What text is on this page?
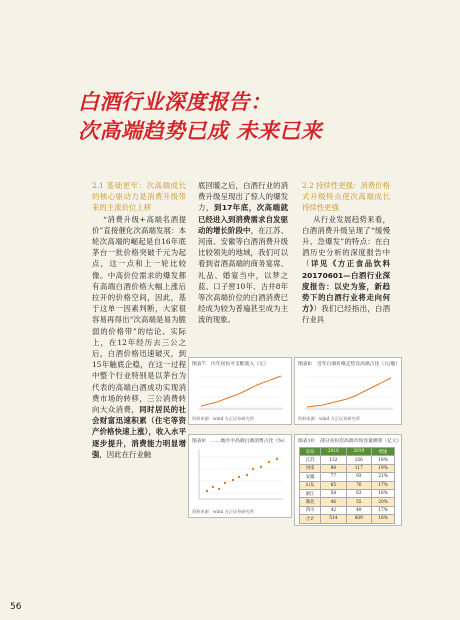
白酒行业深度报告：
次高端趋势已成 未来已来

2.1 基础更牢：次高端成长的核心驱动力是消费升级带来的主流价位上移

“消费升级+高端名酒提价”直接催化次高端发展：本轮次高端的崛起是自16年底茅台一批价格突破千元为起点，这一点和上一轮比较像。中高价位需求的爆发都有高端白酒价格大幅上涨后拉开的价格空间，因此，基于这单一因素判断，大家很容易再得出“次高端是易为脆弱的价格带”的结论。实际上，在12年经历去三公之后，白酒价格迅速破灭，到15年触底企稳，在这一过程中整个行业特别是以茅台为代表的高端白酒成功实现消费市场的转移，三公消费转向大众消费，同时居民的社会财富迅速积累（住宅等资产价格快速上涨），收入水平逐步提升，消费能力明显增强，因此在行业触

底回暖之后，白酒行业的消费升级呈现出了惊人的爆发力，到17年底，次高端就已经进入到消费需求自发驱动的增长阶段中，在江苏、河南、安徽等白酒消费升级比较领先的地域，我们可以看到省酒高端的商务宴席、礼品、婚宴当中，以梦之蓝、口子窖10年、古井8年等次高端价位的白酒消费已经成为较为普遍甚至成为主流的现象。

2.2 持续性更强：消费价格式升级特点使次高端成长持续性更强

从行业发展趋势来看，白酒消费升级呈现了“缓慢升、急爆发”的特点：在白酒历史分析的深度报告中（详见《方正食品饮料20170601—白酒行业深度报告：以史为鉴，新趋势下的白酒行业将走向何方》）我们已经指出，白酒行业具

图表7： 历年居民可支配收入（元）
资料来源：wind 方正证券研究所
图表8： 近年白酒价格走势及高端占比（元/瓶）
资料来源：wind 方正证券研究所
图表9： ……地区中高端白酒消费占比（%）
资料来源：wind 方正证券研究所
图表10： 部分省份次高端市场容量测算（亿元）
省份	2018	2019	增速
江苏	132	156	18%
河南	98	117	19%
安徽	77	93	21%
山东	65	76	17%
浙江	54	63	16%
湖北	46	55	20%
四川	42	49	17%
合计	514	609	18%
56
